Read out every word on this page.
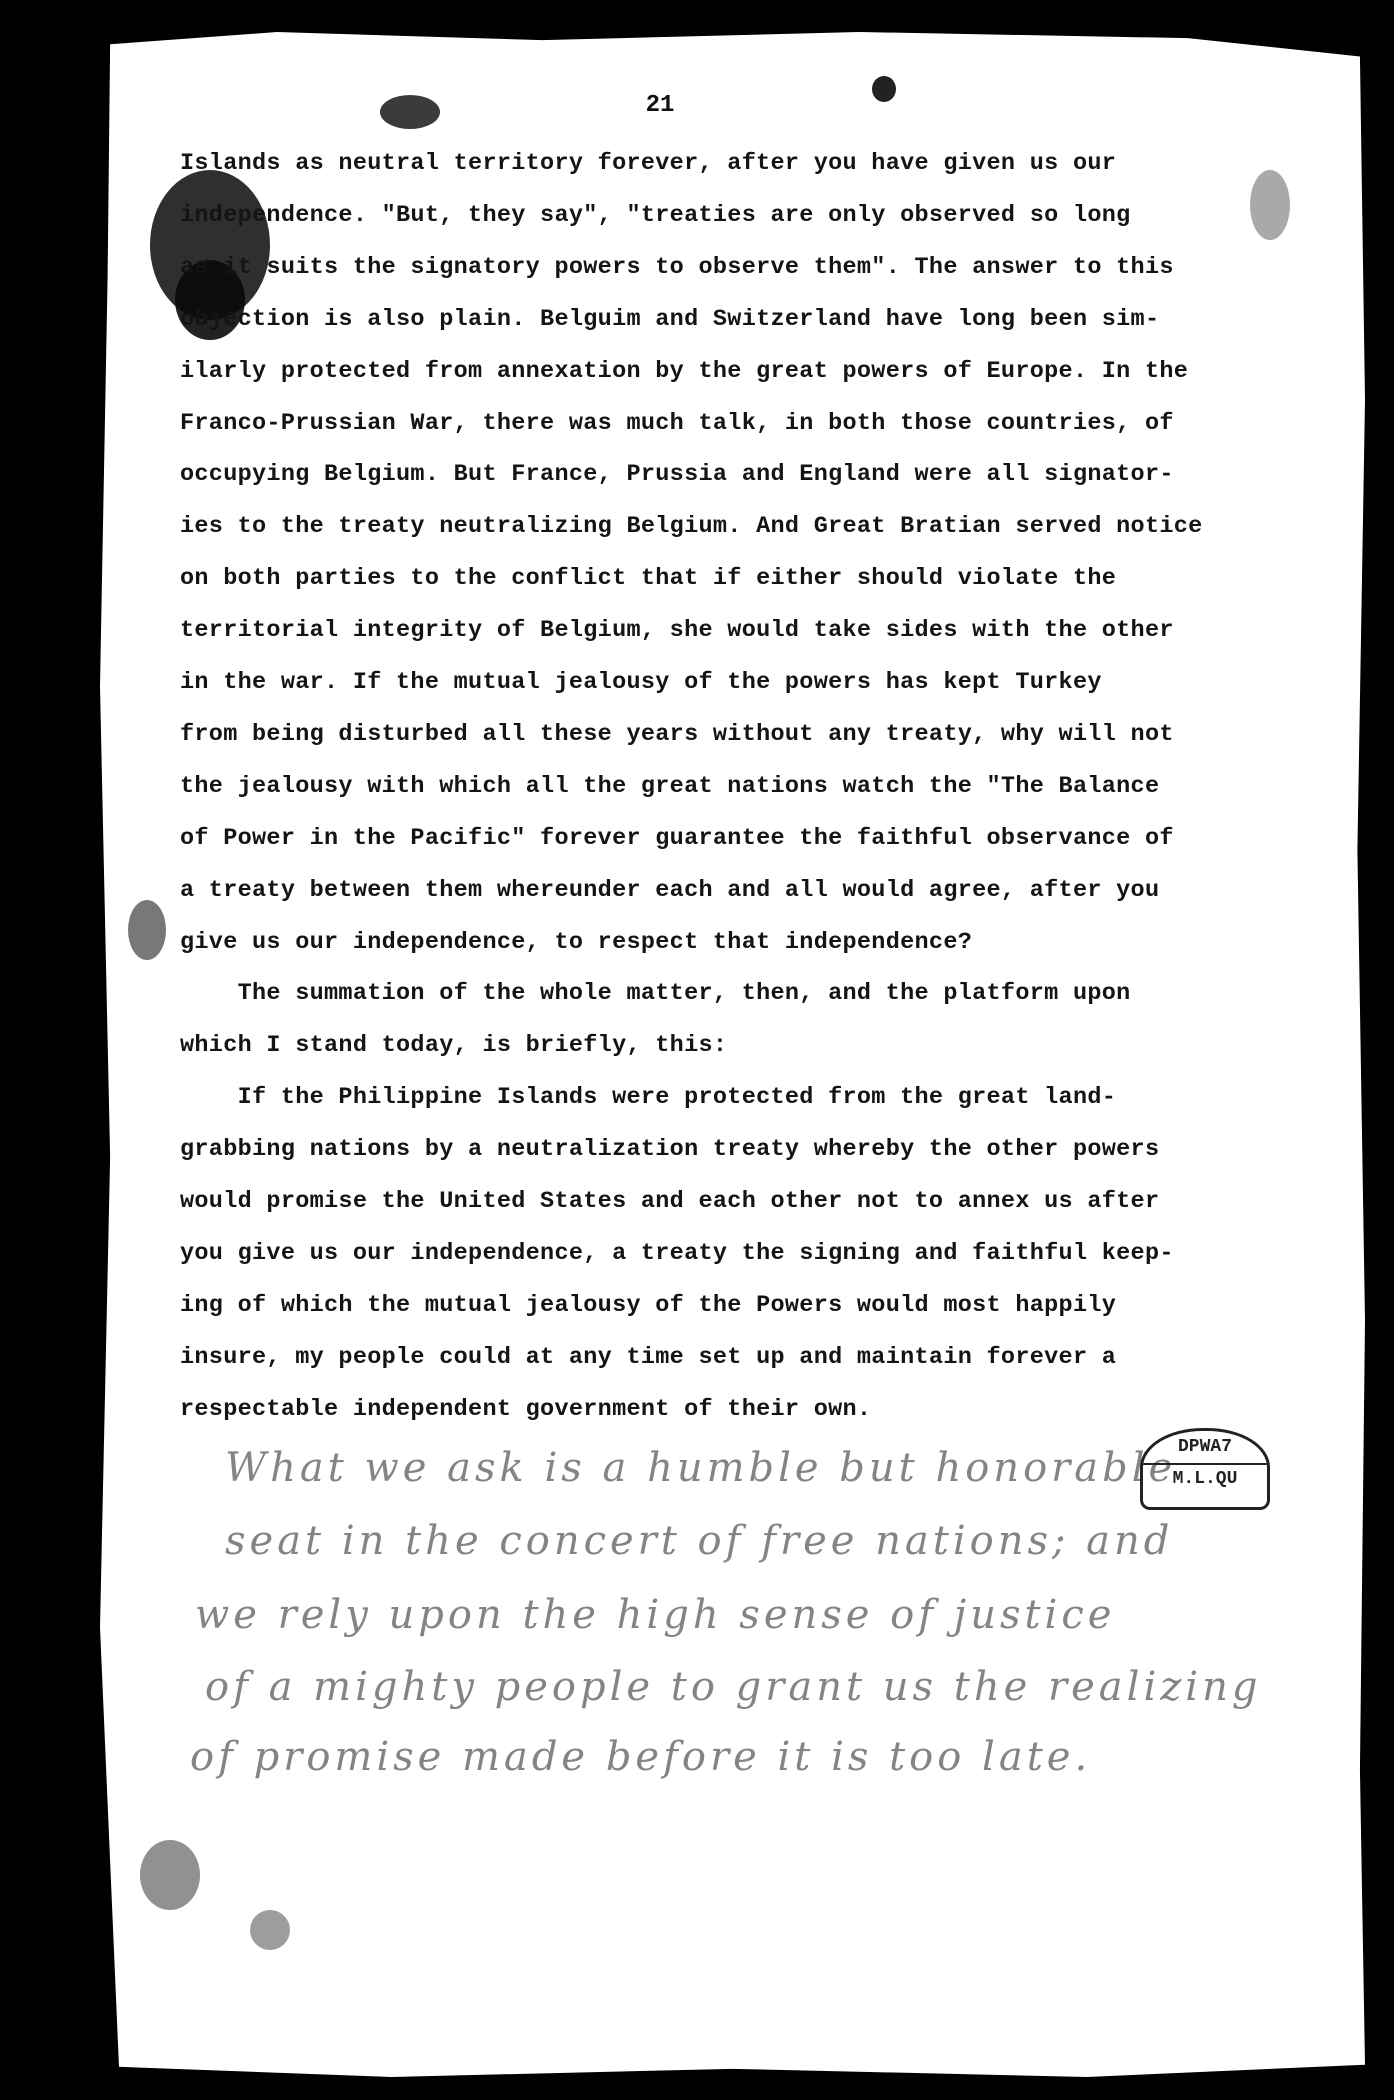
21
Islands as neutral territory forever, after you have given us our
independence. "But, they say", "treaties are only observed so long
as it suits the signatory powers to observe them". The answer to this
objection is also plain. Belguim and Switzerland have long been sim-
ilarly protected from annexation by the great powers of Europe. In the
Franco-Prussian War, there was much talk, in both those countries, of
occupying Belgium. But France, Prussia and England were all signator-
ies to the treaty neutralizing Belgium. And Great Bratian served notice
on both parties to the conflict that if either should violate the
territorial integrity of Belgium, she would take sides with the other
in the war. If the mutual jealousy of the powers has kept Turkey
from being disturbed all these years without any treaty, why will not
the jealousy with which all the great nations watch the "The Balance
of Power in the Pacific" forever guarantee the faithful observance of
a treaty between them whereunder each and all would agree, after you
give us our independence, to respect that independence?
The summation of the whole matter, then, and the platform upon
which I stand today, is briefly, this:
If the Philippine Islands were protected from the great land-
grabbing nations by a neutralization treaty whereby the other powers
would promise the United States and each other not to annex us after
you give us our independence, a treaty the signing and faithful keep-
ing of which the mutual jealousy of the Powers would most happily
insure, my people could at any time set up and maintain forever a
respectable independent government of their own.
What we ask is a humble but honorable
seat in the concert of free nations; and
we rely upon the high sense of justice
of a mighty people to grant us the realizing
of promise made before it is too late.
DPWA7
M.L.QU
